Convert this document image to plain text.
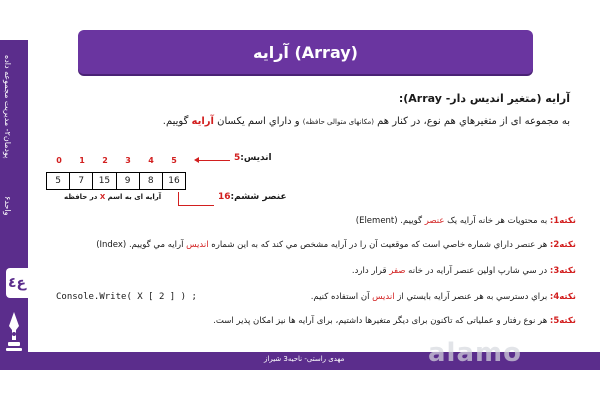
پودمان۲- مدیریت مجموعه داده
واحد۶
ع٤
آرایه (Array)
آرایه (متغیر اندیس دار- Array):
به مجموعه ای از متغیرهاي هم نوع، در كنار هم (مکانهای متوالی حافظه) و داراي اسم يكسان آرايه گوييم.
0	1	2	3	4	5
5	7	15	9	8	16
اندیس:5
عنصر ششم:16
آرایه ای به اسم X در حافظه
نکته1: به محتويات هر خانه آرايه يک عنصر گوييم. (Element)
نکته2: هر عنصر داراي شماره خاصي است كه موقعيت آن را در آرايه مشخص مي كند كه به اين شماره انديس آرايه مي گوييم. (Index)
نکته3: در سي شارپ اولين عنصر آرايه در خانه صفر قرار دارد.
نکته4: براي دسترسي به هر عنصر آرايه بايستي از انديس آن استفاده كنيم.
Console.Write( X [ 2 ] ) ;
نکته5: هر نوع رفتار و عملیاتی که تاکنون برای دیگر متغیرها داشتیم، برای آرایه ها نیز امکان پذیر است.
مهدی راستی- ناحیه3 شیراز	alamo
